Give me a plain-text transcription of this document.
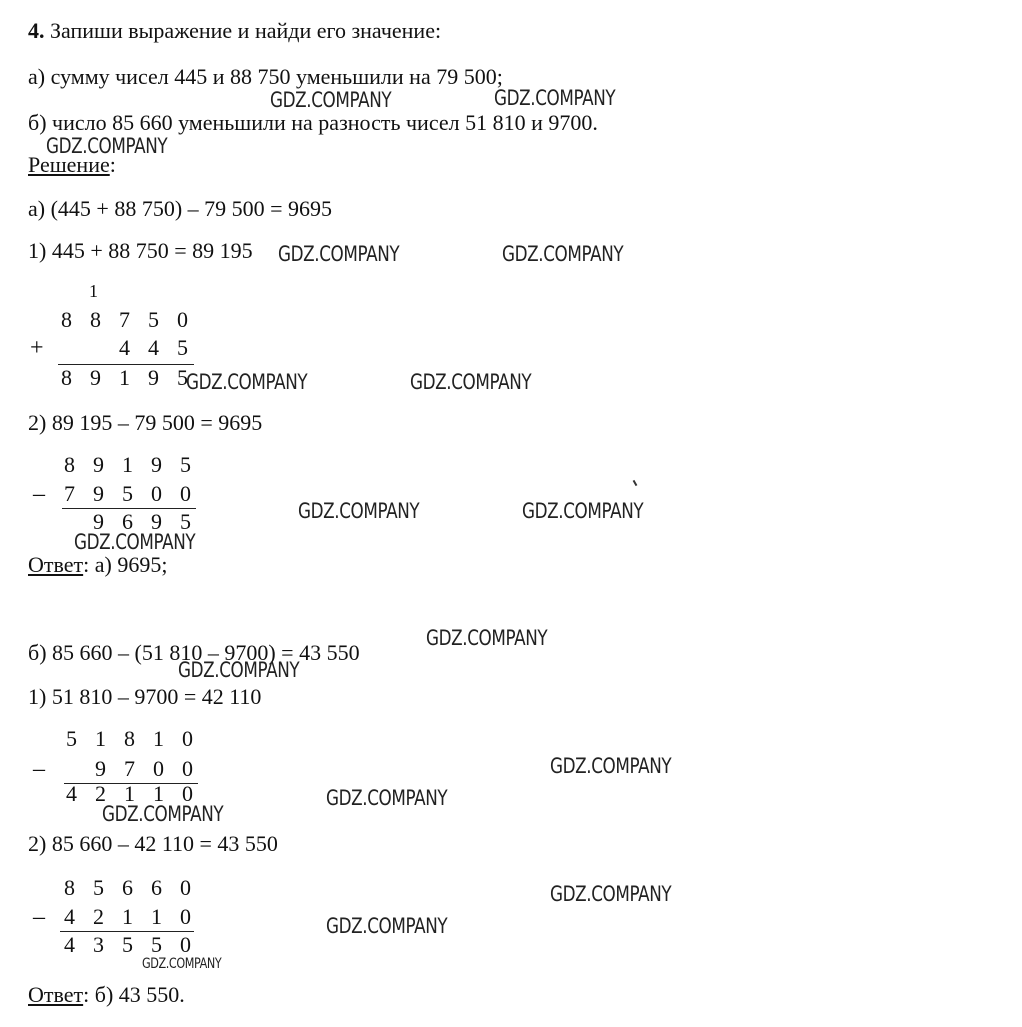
4. Запиши выражение и найди его значение:
а) сумму чисел 445 и 88 750 уменьшили на 79 500;
б) число 85 660 уменьшили на разность чисел 51 810 и 9700.
Решение:
а) (445 + 88 750) – 79 500 = 9695
1) 445 + 88 750 = 89 195
1
8 8 7 5 0
+	4 4 5
8 9 1 9 5
2) 89 195 – 79 500 = 9695
8 9 1 9 5
– 7 9 5 0 0
9 6 9 5
Ответ: а) 9695;
б) 85 660 – (51 810 – 9700) = 43 550
1) 51 810 – 9700 = 42 110
5 1 8 1 0
–	9 7 0 0
4 2 1 1 0
2) 85 660 – 42 110 = 43 550
8 5 6 6 0
– 4 2 1 1 0
4 3 5 5 0
Ответ: б) 43 550.
GDZ.COMPANY	GDZ.COMPANY
GDZ.COMPANY
GDZ.COMPANY	GDZ.COMPANY
GDZ.COMPANY	GDZ.COMPANY
GDZ.COMPANY	GDZ.COMPANY
GDZ.COMPANY
GDZ.COMPANY
GDZ.COMPANY
GDZ.COMPANY
GDZ.COMPANY
GDZ.COMPANY
GDZ.COMPANY
GDZ.COMPANY
GDZ.COMPANY
